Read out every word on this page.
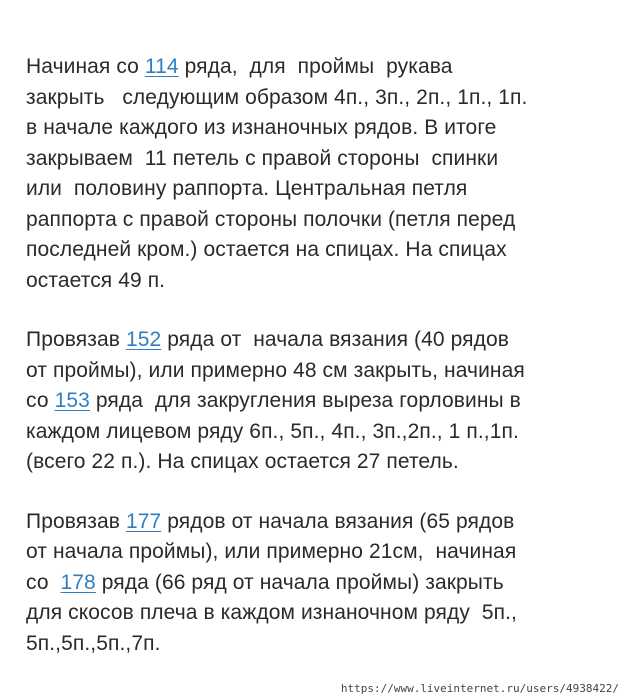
Начиная со 114 ряда,  для  проймы  рукава
закрыть   следующим образом 4п., 3п., 2п., 1п., 1п.
в начале каждого из изнаночных рядов. В итоге
закрываем  11 петель с правой стороны  спинки
или  половину раппорта. Центральная петля
раппорта с правой стороны полочки (петля перед
последней кром.) остается на спицах. На спицах
остается 49 п.
Провязав 152 ряда от  начала вязания (40 рядов
от проймы), или примерно 48 см закрыть, начиная
со 153 ряда  для закругления выреза горловины в
каждом лицевом ряду 6п., 5п., 4п., 3п.,2п., 1 п.,1п.
(всего 22 п.). На спицах остается 27 петель.
Провязав 177 рядов от начала вязания (65 рядов
от начала проймы), или примерно 21см,  начиная
со  178 ряда (66 ряд от начала проймы) закрыть
для скосов плеча в каждом изнаночном ряду  5п.,
5п.,5п.,5п.,7п.
https://www.liveinternet.ru/users/4938422/
